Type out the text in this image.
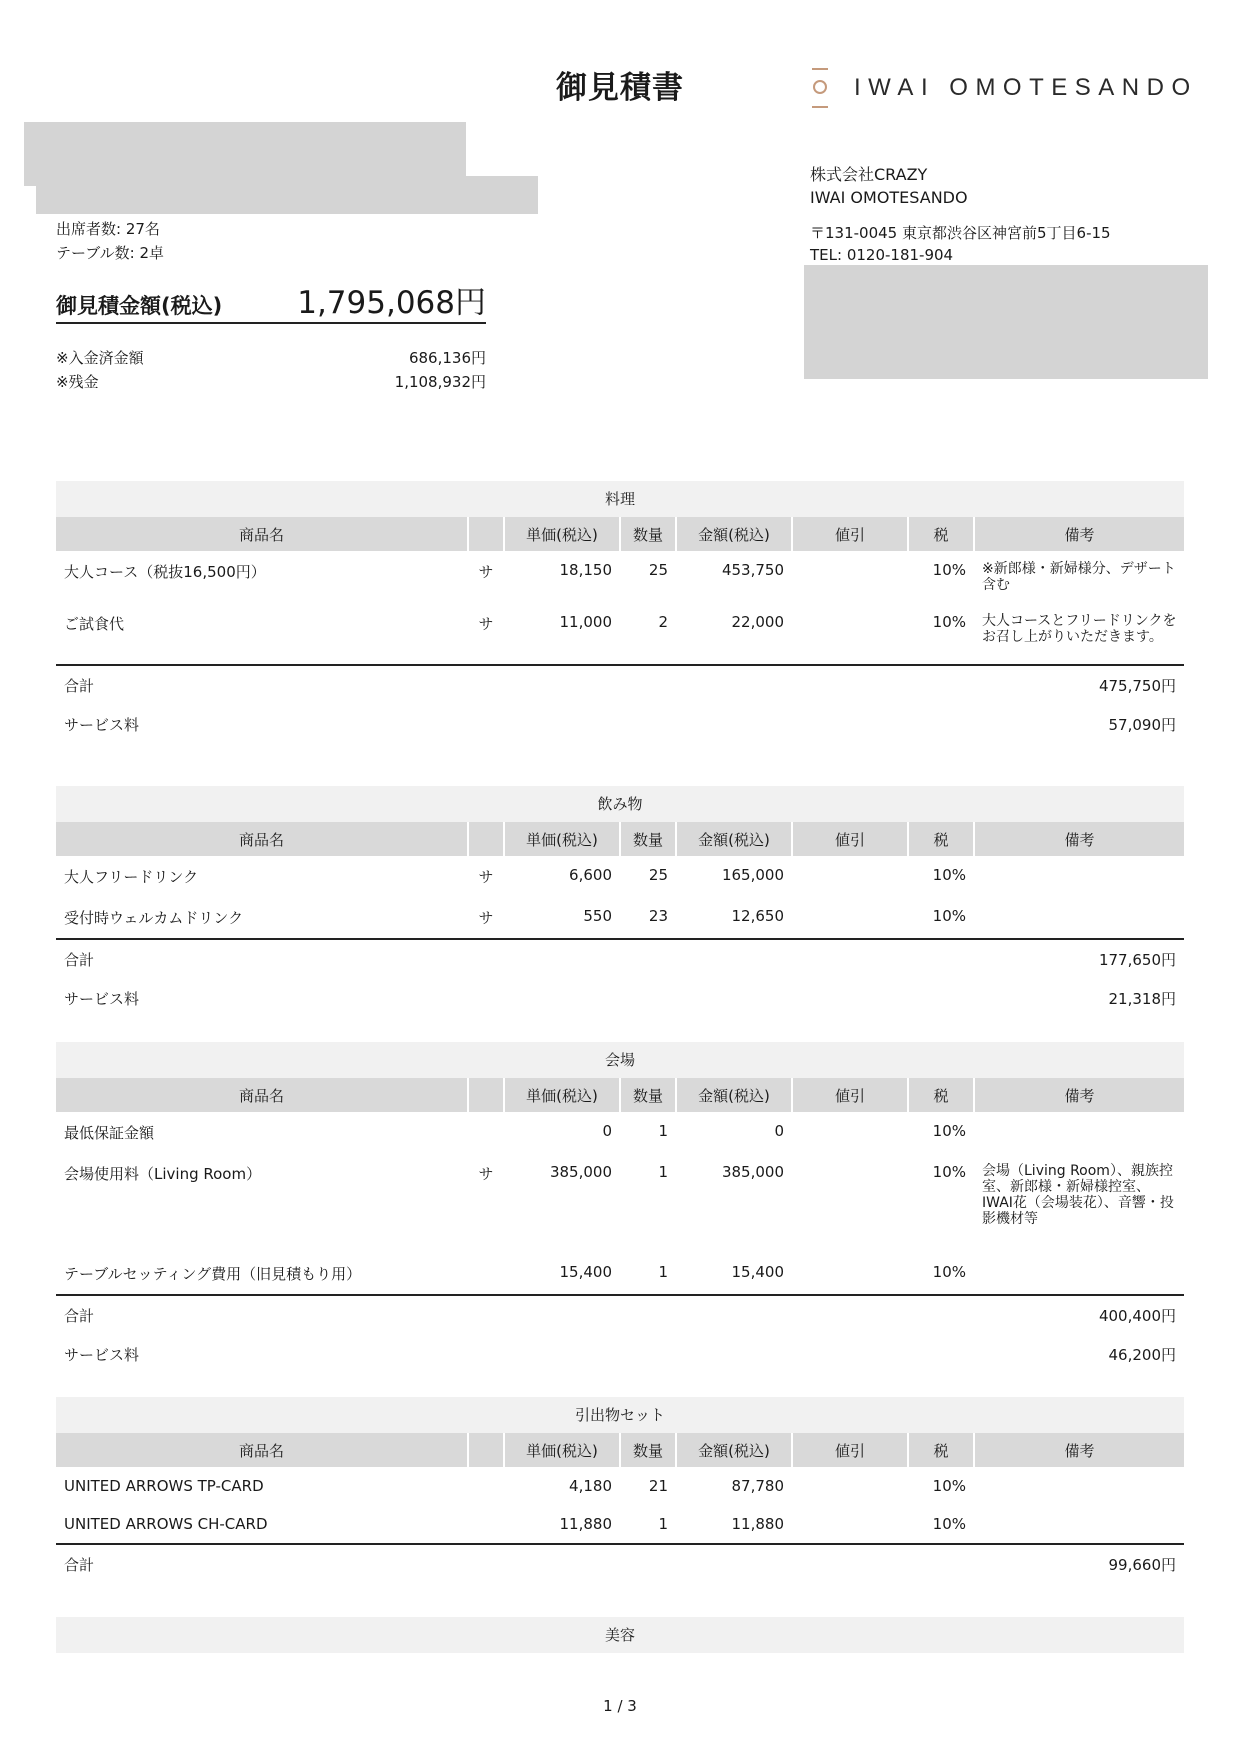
御見積書	IWAI OMOTESANDO
出席者数: 27名
テーブル数: 2卓
御見積金額(税込) 1,795,068円
※入金済金額	686,136円
※残金	1,108,932円
株式会社CRAZY
IWAI OMOTESANDO
〒131-0045 東京都渋谷区神宮前5丁目6-15
TEL: 0120-181-904
料理
商品名		単価(税込)	数量	金額(税込)	値引	税	備考
大人コース（税抜16,500円）	サ	18,150	25	453,750		10%	※新郎様・新婦様分、デザート含む
ご試食代	サ	11,000	2	22,000		10%	大人コースとフリードリンクをお召し上がりいただきます。
合計							475,750円
サービス料							57,090円
飲み物
商品名		単価(税込)	数量	金額(税込)	値引	税	備考
大人フリードリンク	サ	6,600	25	165,000		10%	
受付時ウェルカムドリンク	サ	550	23	12,650		10%	
合計							177,650円
サービス料							21,318円
会場
商品名		単価(税込)	数量	金額(税込)	値引	税	備考
最低保証金額		0	1	0		10%	
会場使用料（Living Room）	サ	385,000	1	385,000		10%	会場（Living Room）、親族控室、新郎様・新婦様控室、IWAI花（会場装花）、音響・投影機材等
テーブルセッティング費用（旧見積もり用）		15,400	1	15,400		10%	
合計							400,400円
サービス料							46,200円
引出物セット
商品名		単価(税込)	数量	金額(税込)	値引	税	備考
UNITED ARROWS TP-CARD		4,180	21	87,780		10%	
UNITED ARROWS CH-CARD		11,880	1	11,880		10%	
合計							99,660円
美容
1 / 3
